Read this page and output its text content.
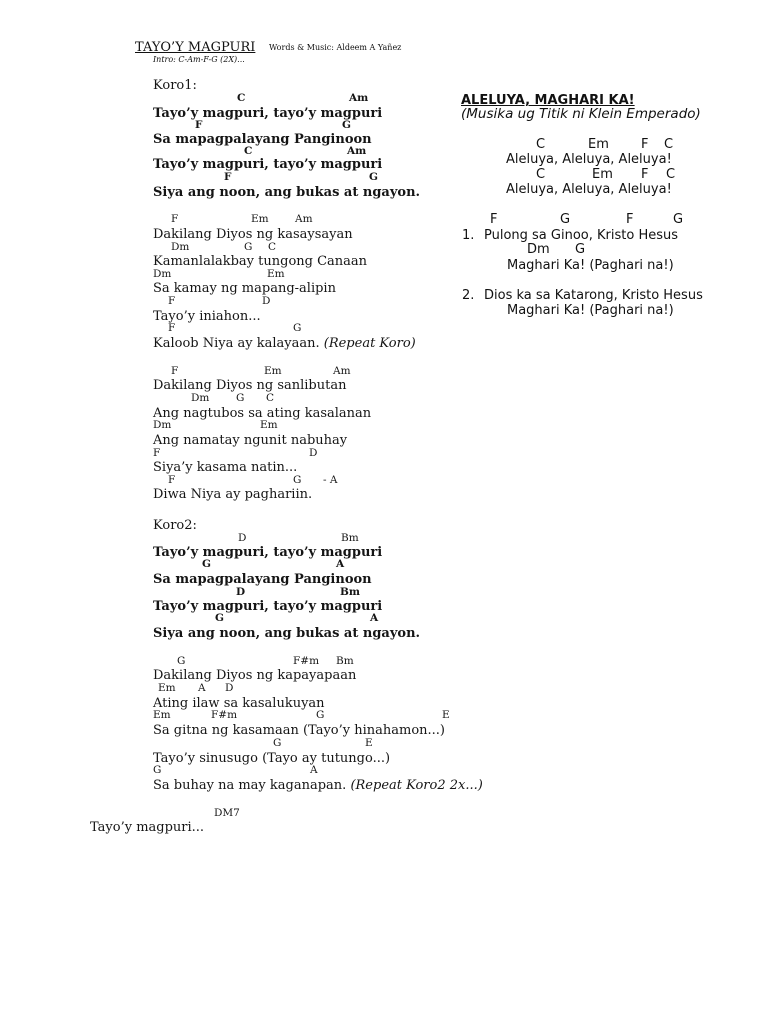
TAYO’Y MAGPURI Words & Music: Aldeem A Yañez
Intro: C-Am-F-G (2X)...
Koro1:
C	Am
Tayo’y magpuri, tayo’y magpuri
F	G
Sa mapagpalayang Panginoon
C	Am
Tayo’y magpuri, tayo’y magpuri
F	G
Siya ang noon, ang bukas at ngayon.
F	Em	Am
Dakilang Diyos ng kasaysayan
Dm	G C
Kamanlalakbay tungong Canaan
Dm	Em
Sa kamay ng mapang-alipin
F	D
Tayo’y iniahon...
F	G
Kaloob Niya ay kalayaan. (Repeat Koro)
F	Em	Am
Dakilang Diyos ng sanlibutan
Dm	G C
Ang nagtubos sa ating kasalanan
Dm	Em
Ang namatay ngunit nabuhay
F	D
Siya’y kasama natin...
F	G - A
Diwa Niya ay paghariin.
Koro2:
D	Bm
Tayo’y magpuri, tayo’y magpuri
G	A
Sa mapagpalayang Panginoon
D	Bm
Tayo’y magpuri, tayo’y magpuri
G	A
Siya ang noon, ang bukas at ngayon.
G	F#m Bm
Dakilang Diyos ng kapayapaan
Em A D
Ating ilaw sa kasalukuyan
Em	F#m	G	E
Sa gitna ng kasamaan (Tayo’y hinahamon...)
G	E
Tayo’y sinusugo (Tayo ay tutungo...)
G	A
Sa buhay na may kaganapan. (Repeat Koro2 2x...)
DM7
Tayo’y magpuri...
ALELUYA, MAGHARI KA!
(Musika ug Titik ni Klein Emperado)
C	Em F C
Aleluya, Aleluya, Aleluya!
C	Em F C
Aleluya, Aleluya, Aleluya!
F	G	F	G
1. Pulong sa Ginoo, Kristo Hesus
Dm G
Maghari Ka! (Paghari na!)
2. Dios ka sa Katarong, Kristo Hesus
Maghari Ka! (Paghari na!)
